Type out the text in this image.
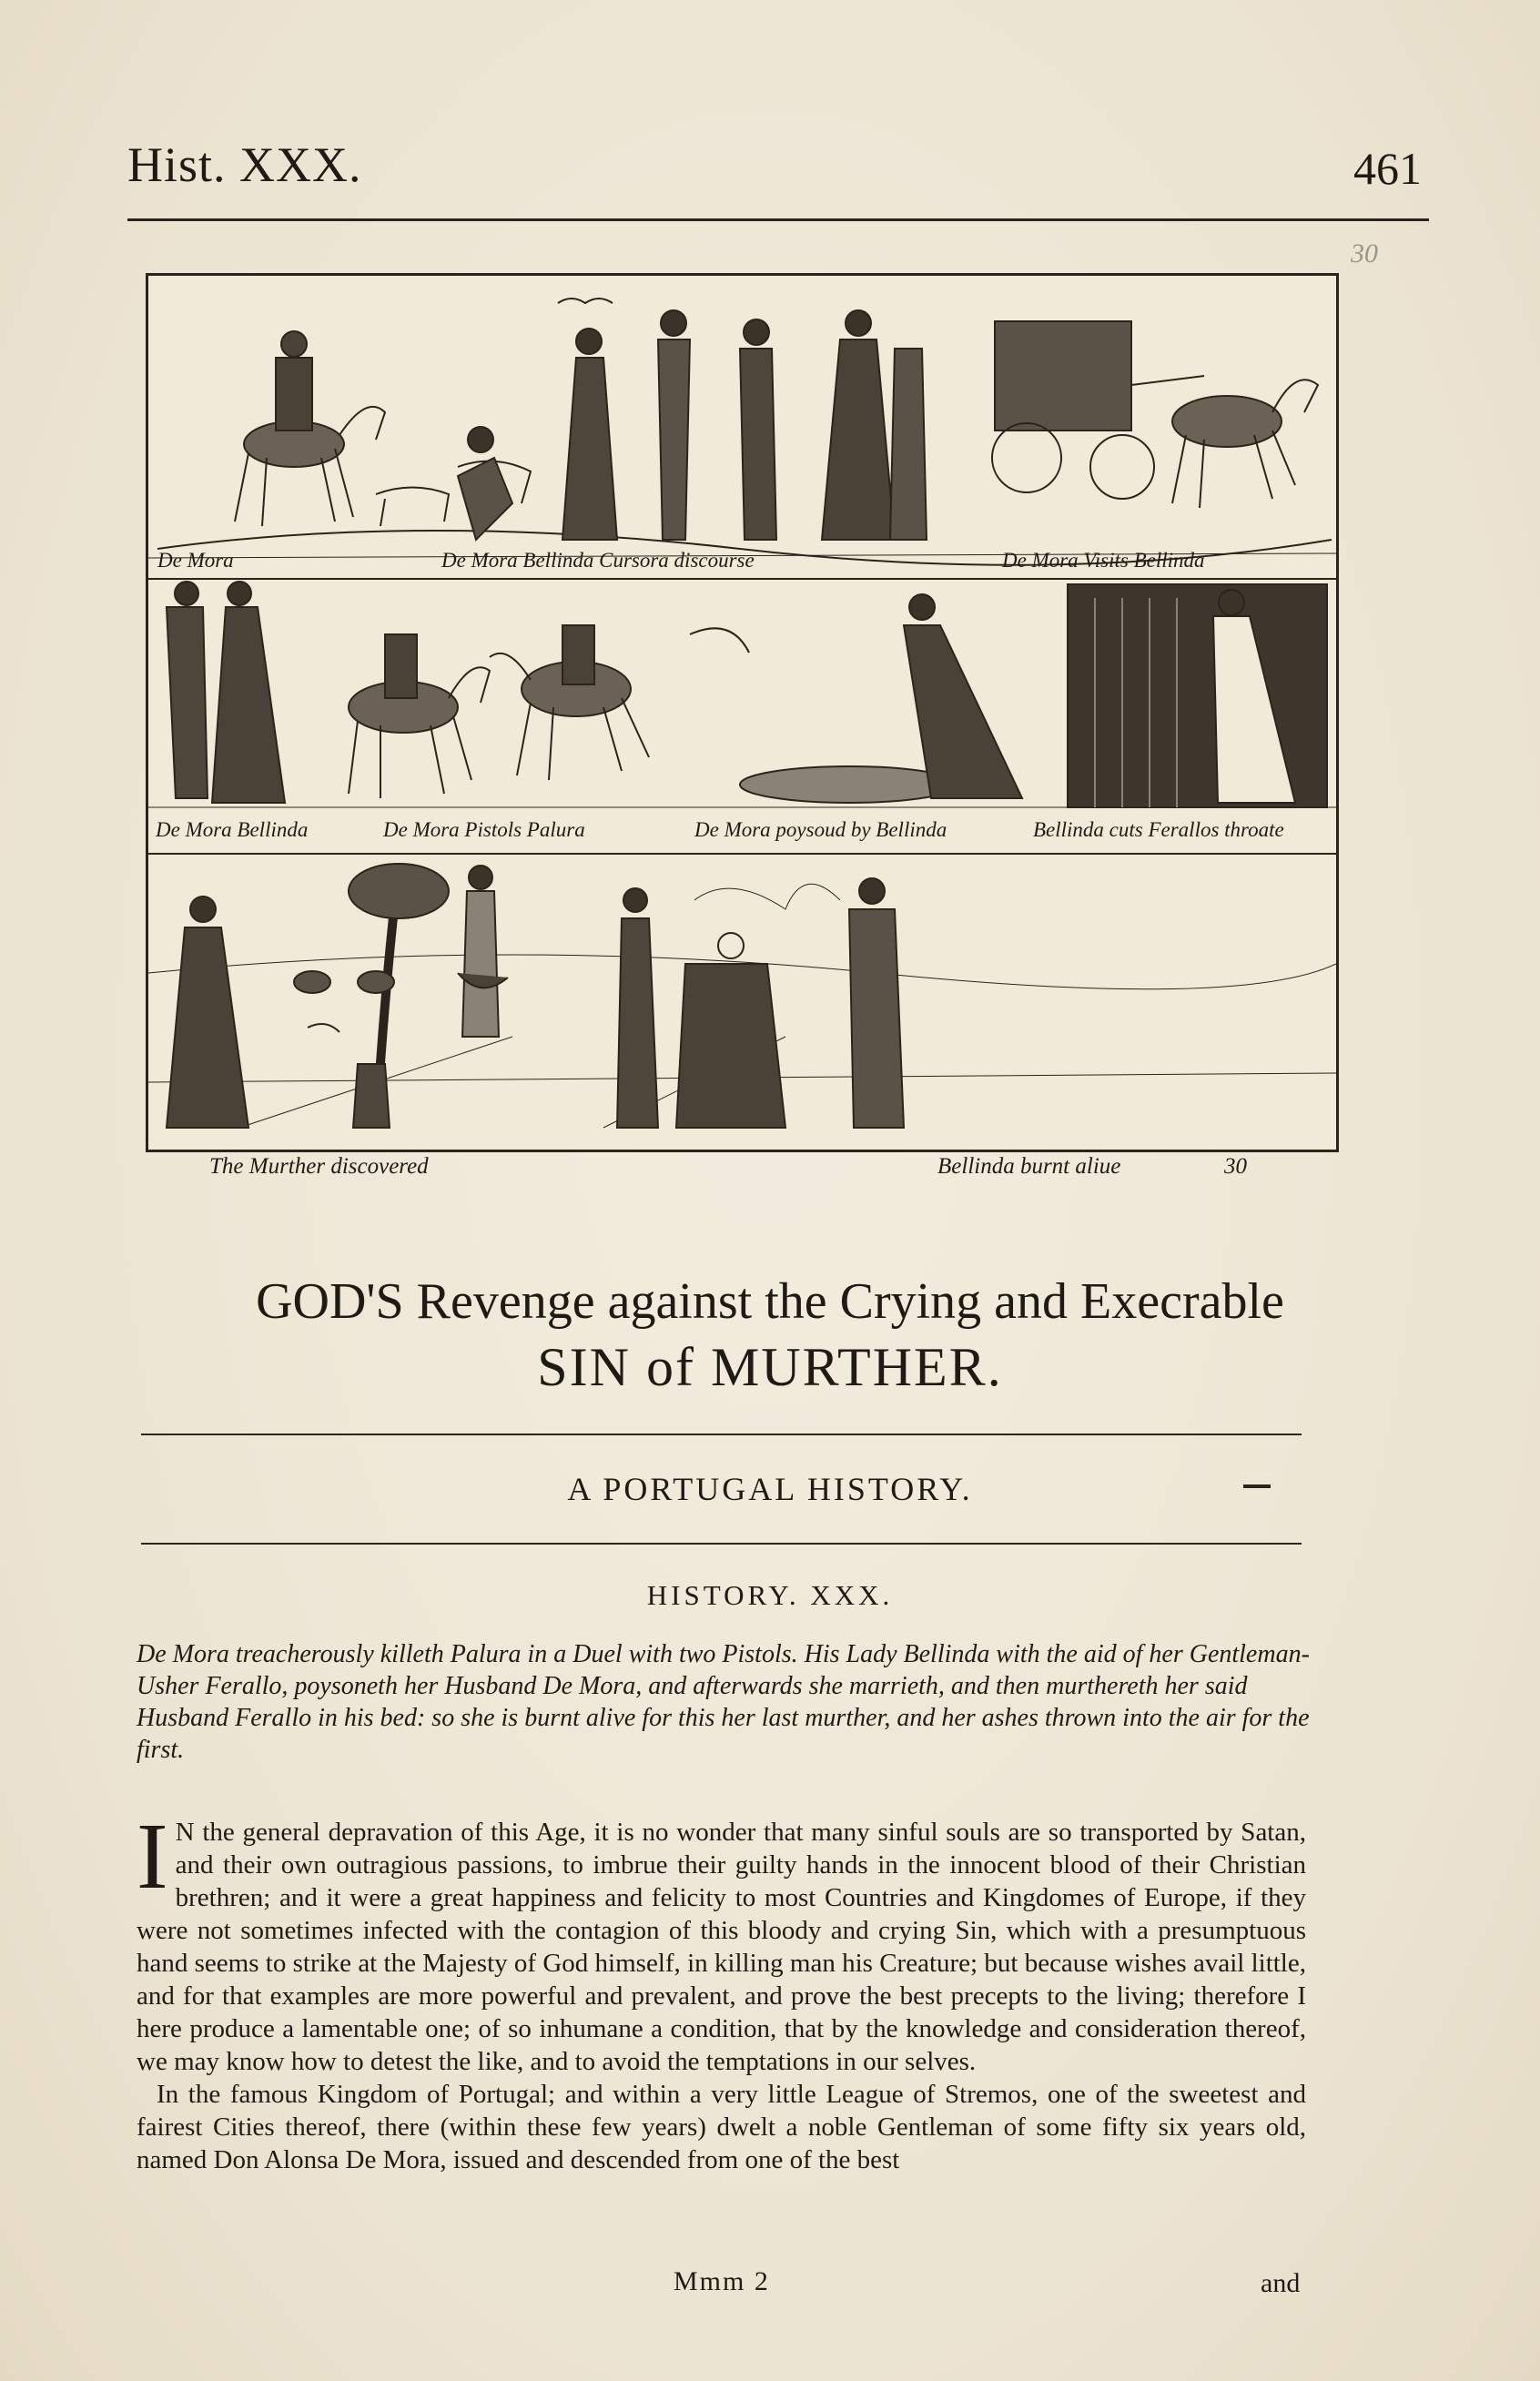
Hist. XXX.	461
30
De Mora	De Mora Bellinda Cursora discourse	De Mora Visits Bellinda
De Mora Bellinda	De Mora Pistols Palura	De Mora poysoud by Bellinda	Bellinda cuts Ferallos throate
The Murther discovered	Bellinda burnt aliue	30
GOD'S Revenge against the Crying and Execrable
SIN of MURTHER.
A PORTUGAL HISTORY.
HISTORY. XXX.
De Mora treacherously killeth Palura in a Duel with two Pistols. His Lady Bellinda with the aid of her Gentleman-Usher Ferallo, poysoneth her Husband De Mora, and afterwards she marrieth, and then murthereth her said Husband Ferallo in his bed: so she is burnt alive for this her last murther, and her ashes thrown into the air for the first.

I N the general depravation of this Age, it is no wonder that many sinful souls are so transported by Satan, and their own outragious passions, to imbrue their guilty hands in the innocent blood of their Christian brethren; and it were a great happiness and felicity to most Countries and Kingdomes of Europe, if they were not sometimes infected with the contagion of this bloody and crying Sin, which with a presumptuous hand seems to strike at the Majesty of God himself, in killing man his Creature; but because wishes avail little, and for that examples are more powerful and prevalent, and prove the best precepts to the living; therefore I here produce a lamentable one; of so inhumane a condition, that by the knowledge and consideration thereof, we may know how to detest the like, and to avoid the temptations in our selves.

In the famous Kingdom of Portugal; and within a very little League of Stremos, one of the sweetest and fairest Cities thereof, there (within these few years) dwelt a noble Gentleman of some fifty six years old, named Don Alonsa De Mora, issued and descended from one of the best

Mmm 2	and
